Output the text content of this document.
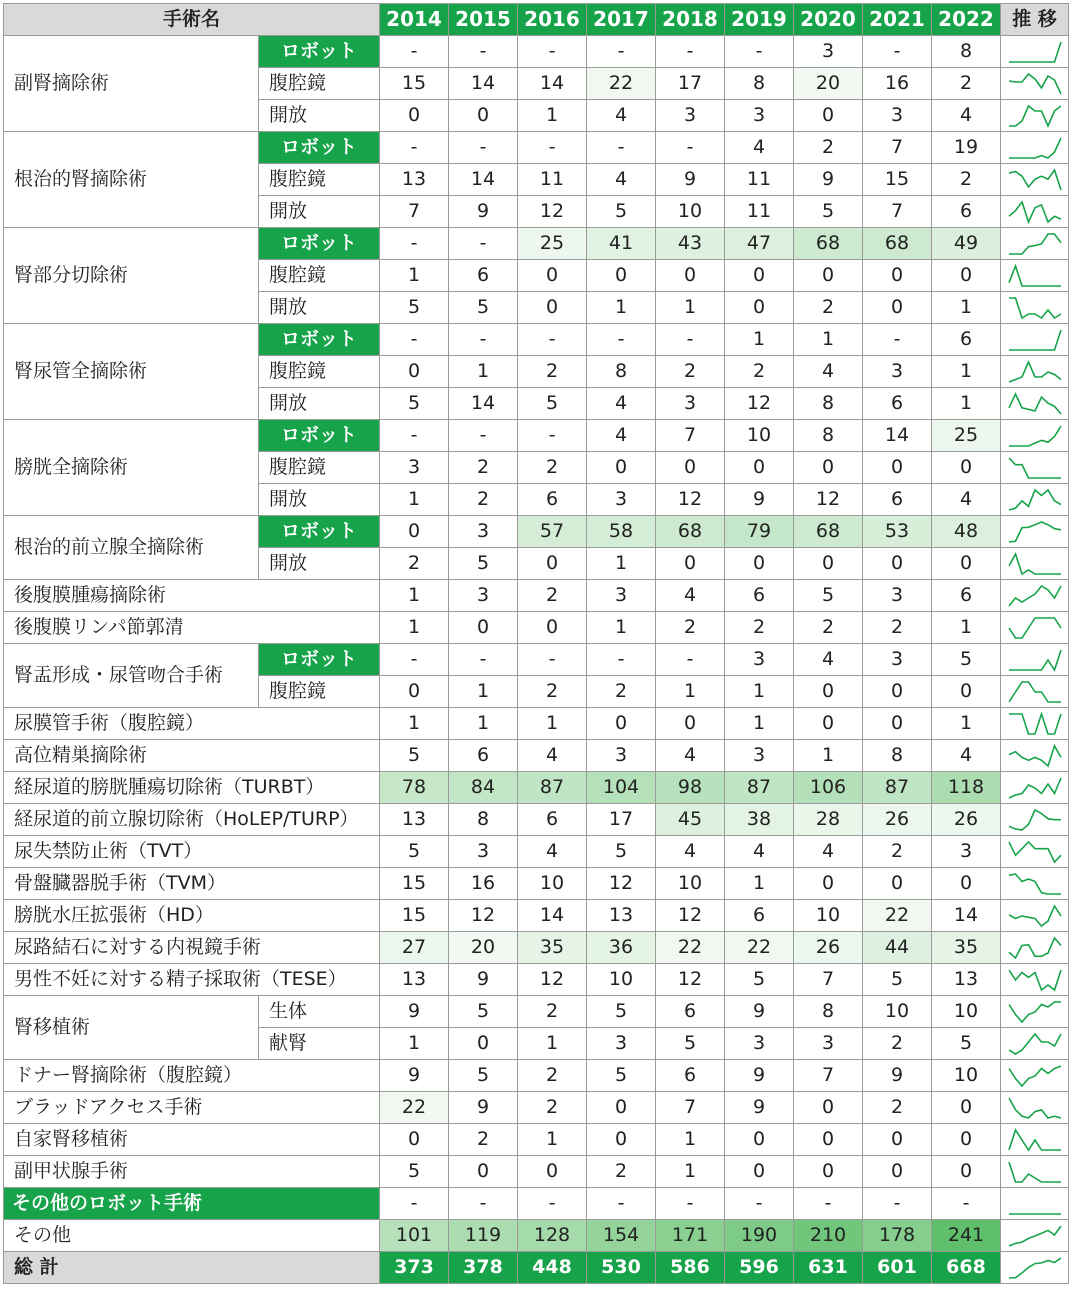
手術名		2014	2015	2016	2017	2018	2019	2020	2021	2022	推 移
副腎摘除術	ロボット	-	-	-	-	-	-	3	-	8	

	腹腔鏡	15	14	14	22	17	8	20	16	2	

	開放	0	0	1	4	3	3	0	3	4	

根治的腎摘除術	ロボット	-	-	-	-	-	4	2	7	19	

	腹腔鏡	13	14	11	4	9	11	9	15	2	

	開放	7	9	12	5	10	11	5	7	6	

腎部分切除術	ロボット	-	-	25	41	43	47	68	68	49	

	腹腔鏡	1	6	0	0	0	0	0	0	0	

	開放	5	5	0	1	1	0	2	0	1	

腎尿管全摘除術	ロボット	-	-	-	-	-	1	1	-	6	

	腹腔鏡	0	1	2	8	2	2	4	3	1	

	開放	5	14	5	4	3	12	8	6	1	

膀胱全摘除術	ロボット	-	-	-	4	7	10	8	14	25	

	腹腔鏡	3	2	2	0	0	0	0	0	0	

	開放	1	2	6	3	12	9	12	6	4	

根治的前立腺全摘除術	ロボット	0	3	57	58	68	79	68	53	48	

	開放	2	5	0	1	0	0	0	0	0	

後腹膜腫瘍摘除術		1	3	2	3	4	6	5	3	6	

後腹膜リンパ節郭清		1	0	0	1	2	2	2	2	1	

腎盂形成・尿管吻合手術	ロボット	-	-	-	-	-	3	4	3	5	

	腹腔鏡	0	1	2	2	1	1	0	0	0	

尿膜管手術（腹腔鏡）		1	1	1	0	0	1	0	0	1	

高位精巣摘除術		5	6	4	3	4	3	1	8	4	

経尿道的膀胱腫瘍切除術（TURBT）		78	84	87	104	98	87	106	87	118	

経尿道的前立腺切除術（HoLEP/TURP）		13	8	6	17	45	38	28	26	26	

尿失禁防止術（TVT）		5	3	4	5	4	4	4	2	3	

骨盤臓器脱手術（TVM）		15	16	10	12	10	1	0	0	0	

膀胱水圧拡張術（HD）		15	12	14	13	12	6	10	22	14	

尿路結石に対する内視鏡手術		27	20	35	36	22	22	26	44	35	

男性不妊に対する精子採取術（TESE）		13	9	12	10	12	5	7	5	13	

腎移植術	生体	9	5	2	5	6	9	8	10	10	

	献腎	1	0	1	3	5	3	3	2	5	

ドナー腎摘除術（腹腔鏡）		9	5	2	5	6	9	7	9	10	

ブラッドアクセス手術		22	9	2	0	7	9	0	2	0	

自家腎移植術		0	2	1	0	1	0	0	0	0	

副甲状腺手術		5	0	0	2	1	0	0	0	0	

その他のロボット手術		-	-	-	-	-	-	-	-	-	

その他		101	119	128	154	171	190	210	178	241	

総 計		373	378	448	530	586	596	631	601	668	
